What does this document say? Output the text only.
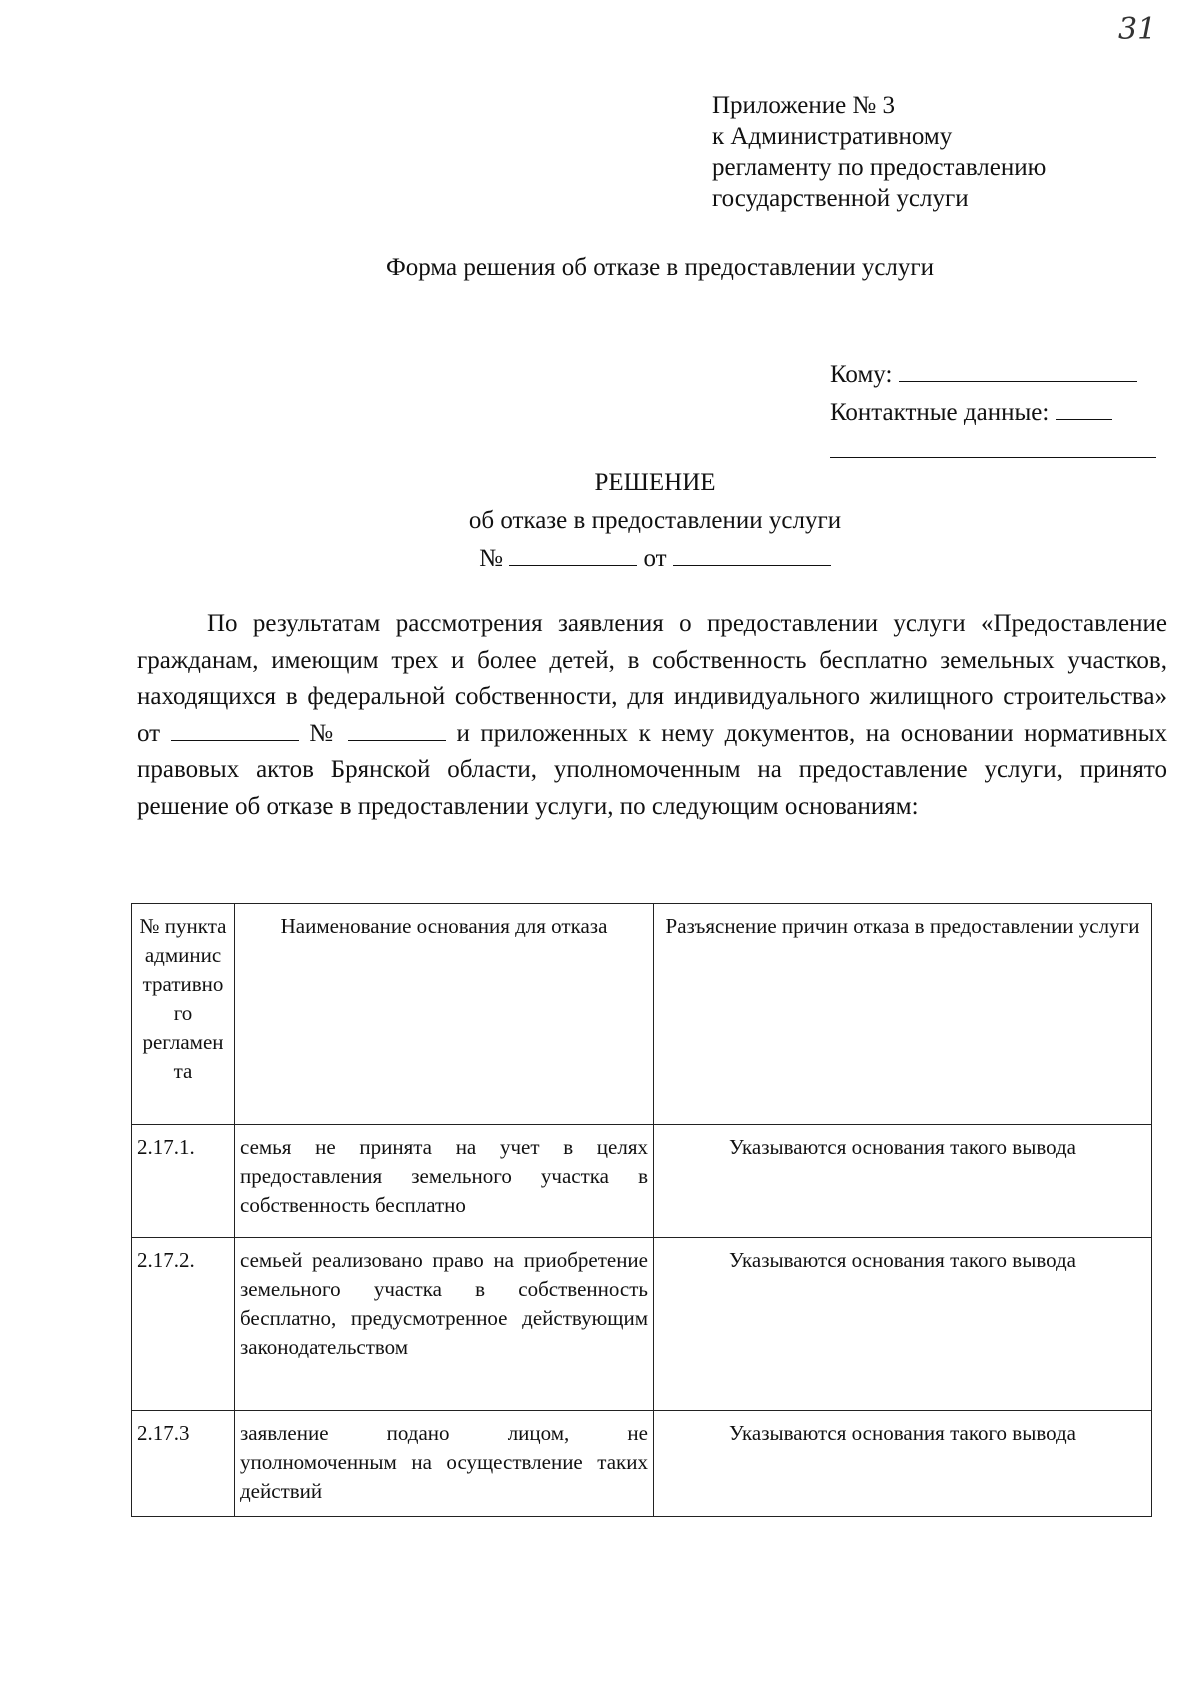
31
Приложение № 3
к Административному
регламенту по предоставлению
государственной услуги
Форма решения об отказе в предоставлении услуги
Кому:
Контактные данные:
РЕШЕНИЕ
об отказе в предоставлении услуги
№	от
По результатам рассмотрения заявления о предоставлении услуги «Предоставление гражданам, имеющим трех и более детей, в собственность бесплатно земельных участков, находящихся в федеральной собственности, для индивидуального жилищного строительства» от	№	и приложенных к нему документов, на основании нормативных правовых актов Брянской области, уполномоченным на предоставление услуги, принято решение об отказе в предоставлении услуги, по следующим основаниям:
№ пункта админис тративно го регламен та	Наименование основания для отказа	Разъяснение причин отказа в предоставлении услуги
2.17.1.	семья не принята на учет в целях предоставления земельного участка в собственность бесплатно	Указываются основания такого вывода
2.17.2.	семьей реализовано право на приобретение земельного участка в собственность бесплатно, предусмотренное действующим законодательством	Указываются основания такого вывода
2.17.3	заявление подано лицом, не уполномоченным на осуществление таких действий	Указываются основания такого вывода
